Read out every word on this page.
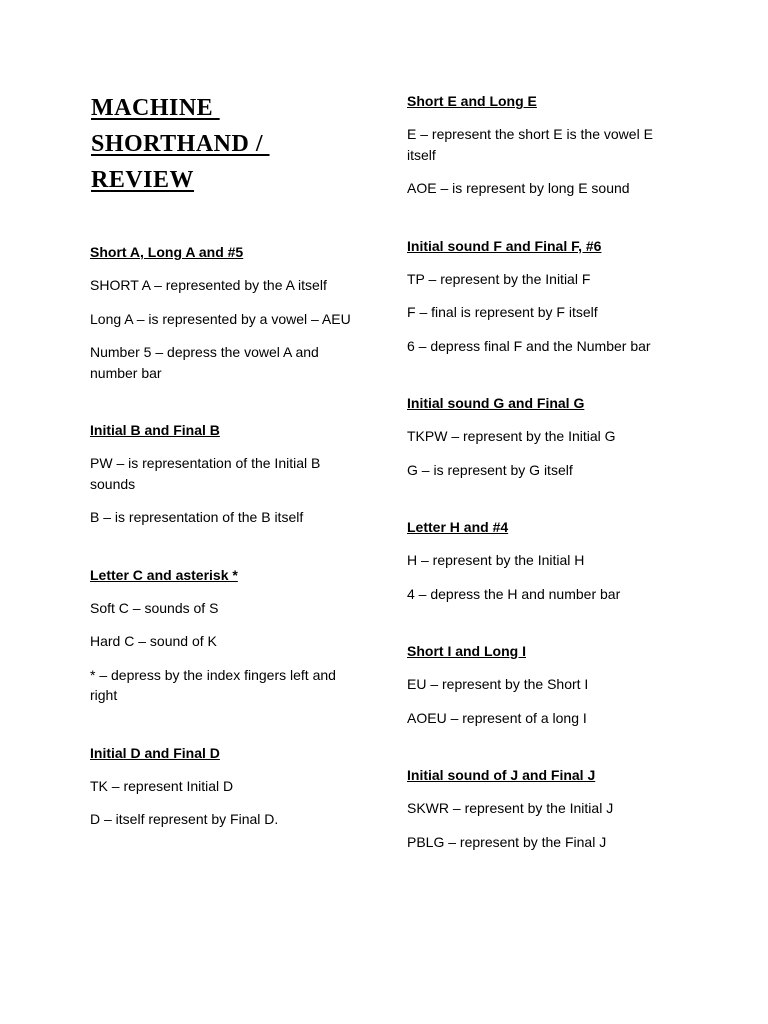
MACHINE
SHORTHAND /
REVIEW
Short A, Long A and #5
SHORT A – represented by the A itself
Long A – is represented by a vowel – AEU
Number 5 – depress the vowel A and number bar
Initial B and Final B
PW – is representation of the Initial B sounds
B – is representation of the B itself
Letter C and asterisk *
Soft C – sounds of S
Hard C – sound of K
* – depress by the index fingers left and right
Initial D and Final D
TK – represent Initial D
D – itself represent by Final D.
Short E and Long E
E – represent the short E is the vowel E itself
AOE – is represent by long E sound
Initial sound F and Final F, #6
TP – represent by the Initial F
F – final is represent by F itself
6 – depress final F and the Number bar
Initial sound G and Final G
TKPW – represent by the Initial G
G – is represent by G itself
Letter H and #4
H – represent by the Initial H
4 – depress the H and number bar
Short I and Long I
EU – represent by the Short I
AOEU – represent of a long I
Initial sound of J and Final J
SKWR – represent by the Initial J
PBLG – represent by the Final J
